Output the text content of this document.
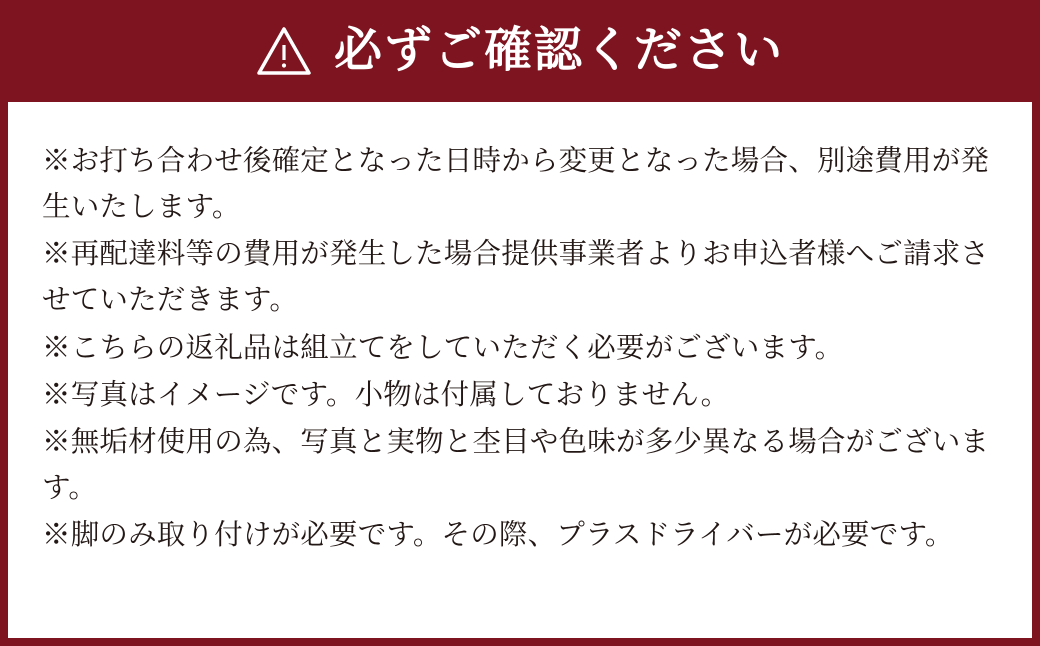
必ずご確認ください
※お打ち合わせ後確定となった日時から変更となった場合、別途費用が発生いたします。
※再配達料等の費用が発生した場合提供事業者よりお申込者様へご請求させていただきます。
※こちらの返礼品は組立てをしていただく必要がございます。
※写真はイメージです。小物は付属しておりません。
※無垢材使用の為、写真と実物と杢目や色味が多少異なる場合がございます。
※脚のみ取り付けが必要です。その際、プラスドライバーが必要です。
